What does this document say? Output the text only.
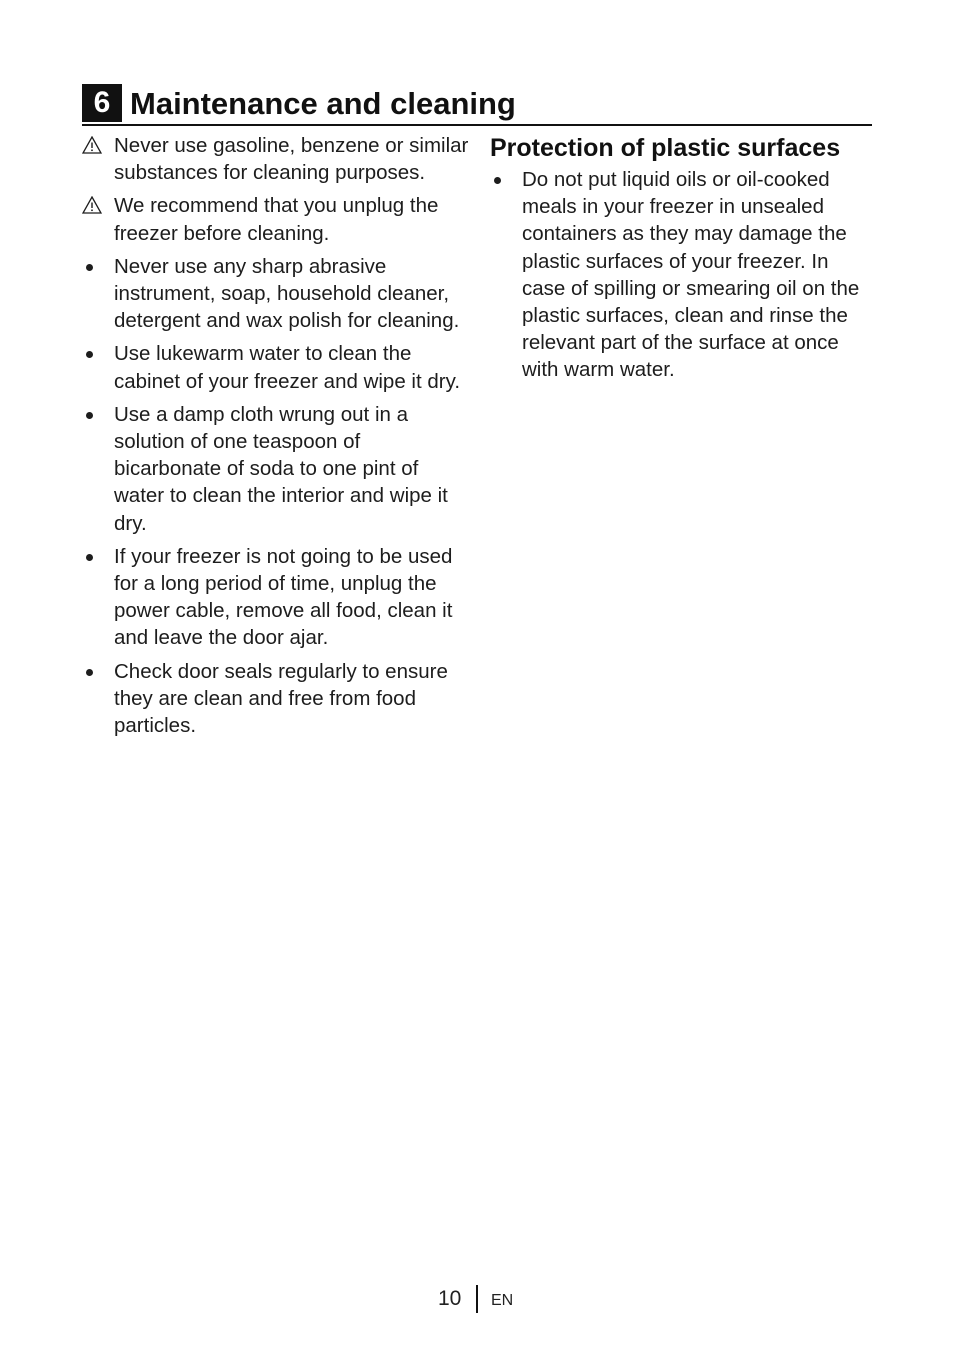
6 Maintenance and cleaning
Never use gasoline, benzene or similar substances for cleaning purposes.
We recommend that you unplug the freezer before cleaning.
Never use any sharp abrasive instrument, soap, household cleaner, detergent and wax polish for cleaning.
Use lukewarm water to clean the cabinet of your freezer and wipe it dry.
Use a damp cloth wrung out in a solution of one teaspoon of bicarbonate of soda to one pint of water to clean the interior and wipe it dry.
If your freezer is not going to be used for a long period of time, unplug the power cable, remove all food, clean it and leave the door ajar.
Check door seals regularly to ensure they are clean and free from food particles.
Protection of plastic surfaces
Do not put liquid oils or oil-cooked meals in your freezer in unsealed containers as they may damage the plastic surfaces of your freezer. In case of spilling or smearing oil on the plastic surfaces, clean and rinse the relevant part of the surface at once with warm water.
10 EN
